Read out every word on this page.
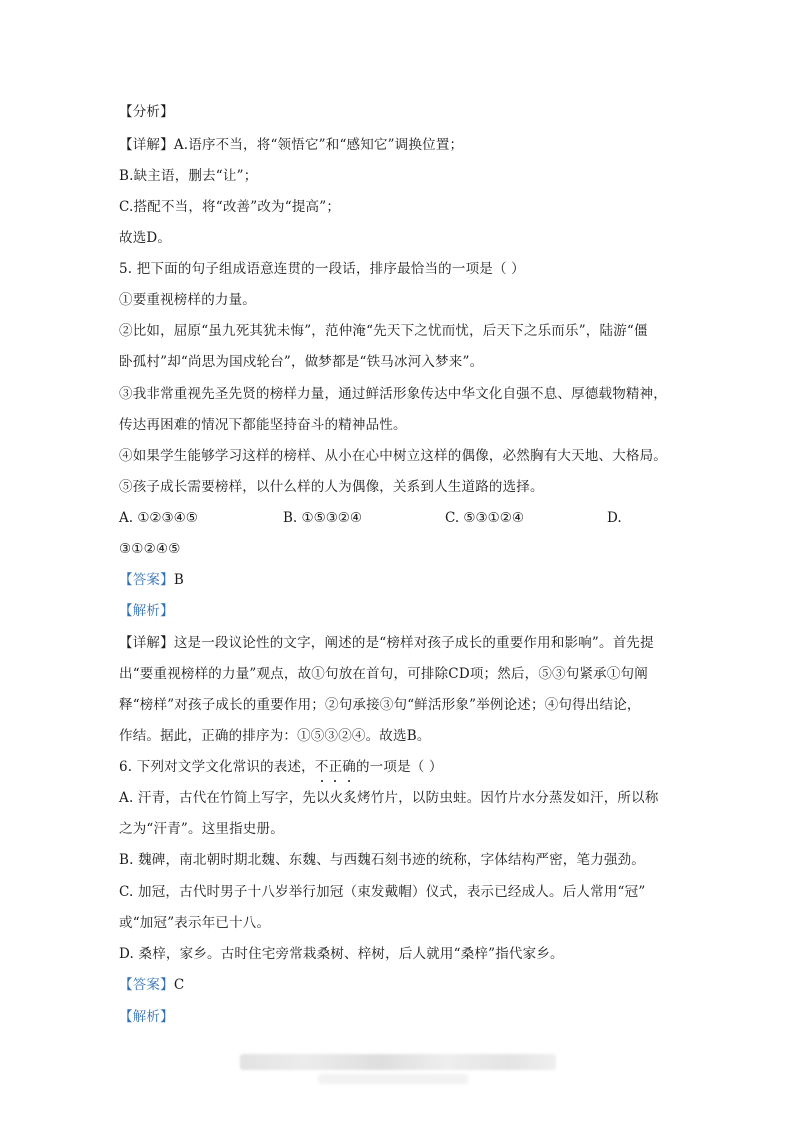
【分析】
【详解】A.语序不当，将“领悟它”和“感知它”调换位置；
B.缺主语，删去“让”；
C.搭配不当，将“改善”改为“提高”；
故选D。
5. 把下面的句子组成语意连贯的一段话，排序最恰当的一项是（ ）
①要重视榜样的力量。
②比如，屈原“虽九死其犹未悔”，范仲淹“先天下之忧而忧，后天下之乐而乐”，陆游“僵
卧孤村”却“尚思为国戍轮台”，做梦都是“铁马冰河入梦来”。
③我非常重视先圣先贤的榜样力量，通过鲜活形象传达中华文化自强不息、厚德载物精神，
传达再困难的情况下都能坚持奋斗的精神品性。
④如果学生能够学习这样的榜样、从小在心中树立这样的偶像，必然胸有大天地、大格局。
⑤孩子成长需要榜样，以什么样的人为偶像，关系到人生道路的选择。
A. ①②③④⑤	B. ①⑤③②④	C. ⑤③①②④	D.
③①②④⑤
【答案】B
【解析】
【详解】这是一段议论性的文字，阐述的是“榜样对孩子成长的重要作用和影响”。首先提
出“要重视榜样的力量”观点，故①句放在首句，可排除CD项；然后，⑤③句紧承①句阐
释“榜样”对孩子成长的重要作用；②句承接③句“鲜活形象”举例论述；④句得出结论，
作结。据此，正确的排序为：①⑤③②④。故选B。
6. 下列对文学文化常识的表述，不正确的一项是（ ）
A. 汗青，古代在竹简上写字，先以火炙烤竹片，以防虫蛀。因竹片水分蒸发如汗，所以称
之为“汗青”。这里指史册。
B. 魏碑，南北朝时期北魏、东魏、与西魏石刻书迹的统称，字体结构严密，笔力强劲。
C. 加冠，古代时男子十八岁举行加冠（束发戴帽）仪式，表示已经成人。后人常用“冠”
或“加冠”表示年已十八。
D. 桑梓，家乡。古时住宅旁常栽桑树、梓树，后人就用“桑梓”指代家乡。
【答案】C
【解析】
